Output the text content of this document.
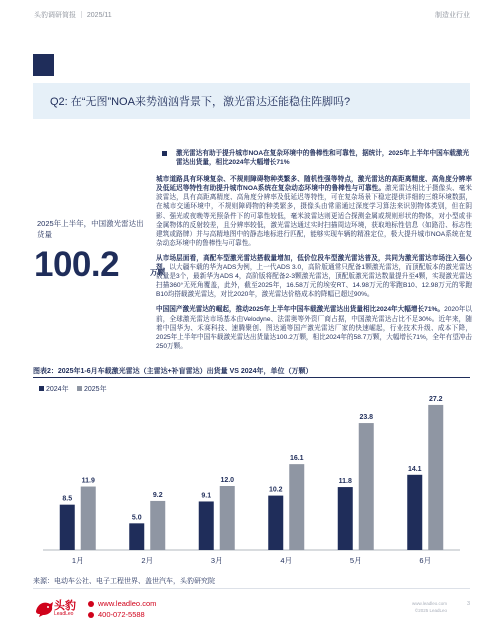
头豹调研简报 ｜ 2025/11	制造业行业
Q2: 在“无图”NOA来势汹汹背景下，激光雷达还能稳住阵脚吗?
2025年上半年，中国激光雷达出货量
100.2	万颗
激光雷达有助于提升城市NOA在复杂环境中的鲁棒性和可靠性，据统计，2025年上半年中国车载激光雷达出货量，相比2024年大幅增长71%

城市道路具有环境复杂、不规则障碍物种类繁多、随机性强等特点，激光雷达的高距离精度、高角度分辨率及低延迟等特性有助提升城市NOA系统在复杂动态环境中的鲁棒性与可靠性。激光雷达相比于摄像头、毫米波雷达，具有高距离精度、高角度分辨率及低延迟等特性，可在复杂场景下稳定提供详细的三维环境数据，在城市交通环境中，不规则障碍物的种类繁多，摄像头由常需通过深度学习算法来识别物体类别，但在阴影、强光或夜晚等光照条件下的可靠性较低，毫米波雷达则更适合探测金属或规则形状的物体，对小型或非金属物体的反射较差，且分辨率较低，激光雷达通过实时扫描周边环境，获取地标性信息（如路沿、标志性建筑或路牌）并与高精地图中的静态地标进行匹配，能够实现车辆的精准定位，极大提升城市NOA系统在复杂动态环境中的鲁棒性与可靠性。

从市场层面看，高配车型激光雷达搭载量增加，低价位段车型激光雷达普及，共同为激光雷达市场注入强心剂。以大疆车载的华为ADS为例，上一代ADS 3.0，高阶版通常只配备1颗激光雷达，而顶配版本的激光雷达数量是3个，最新华为ADS 4，高阶版将配备2-3颗激光雷达，顶配版激光雷达数量提升至4颗，实现激光雷达扫描360°无死角覆盖，此外，截至2025年，16.58万元的埃安RT、14.98万元的零跑B10、12.98万元的零跑B10均搭载激光雷达，对比2020年，激光雷达价格成本的降幅已超过90%。

中国国产激光雷达的崛起，推动2025年上半年中国车载激光雷达出货量相比2024年大幅增长71%。2020年以前，全球激光雷达市场基本由Velodyne、法雷奥等外资厂商占据，中国激光雷达占比不足30%。近年来，随着中国华为、禾赛科技、速腾聚创、图达通等国产激光雷达厂家的快速崛起，行业技术升级、成本下降，2025年上半年中国车载激光雷达出货量达100.2万颗，相比2024年的58.7万颗，大幅增长71%，全年有望冲击250万颗。

图表2：2025年1-6月车载激光雷达（主雷达+补盲雷达）出货量 VS 2024年，单位（万颗）
2024年 2025年
8.5
11.9
1月
5.0
9.2
2月
9.1
12.0
3月
10.2
16.1
4月
11.8
23.8
5月
14.1
27.2
6月
来源：电动车公社、电子工程世界、盖世汽车，头豹研究院
头豹
LeadLeo
www.leadleo.com
400-072-5588
www.leadleo.com
©2025 LeadLeo
3
